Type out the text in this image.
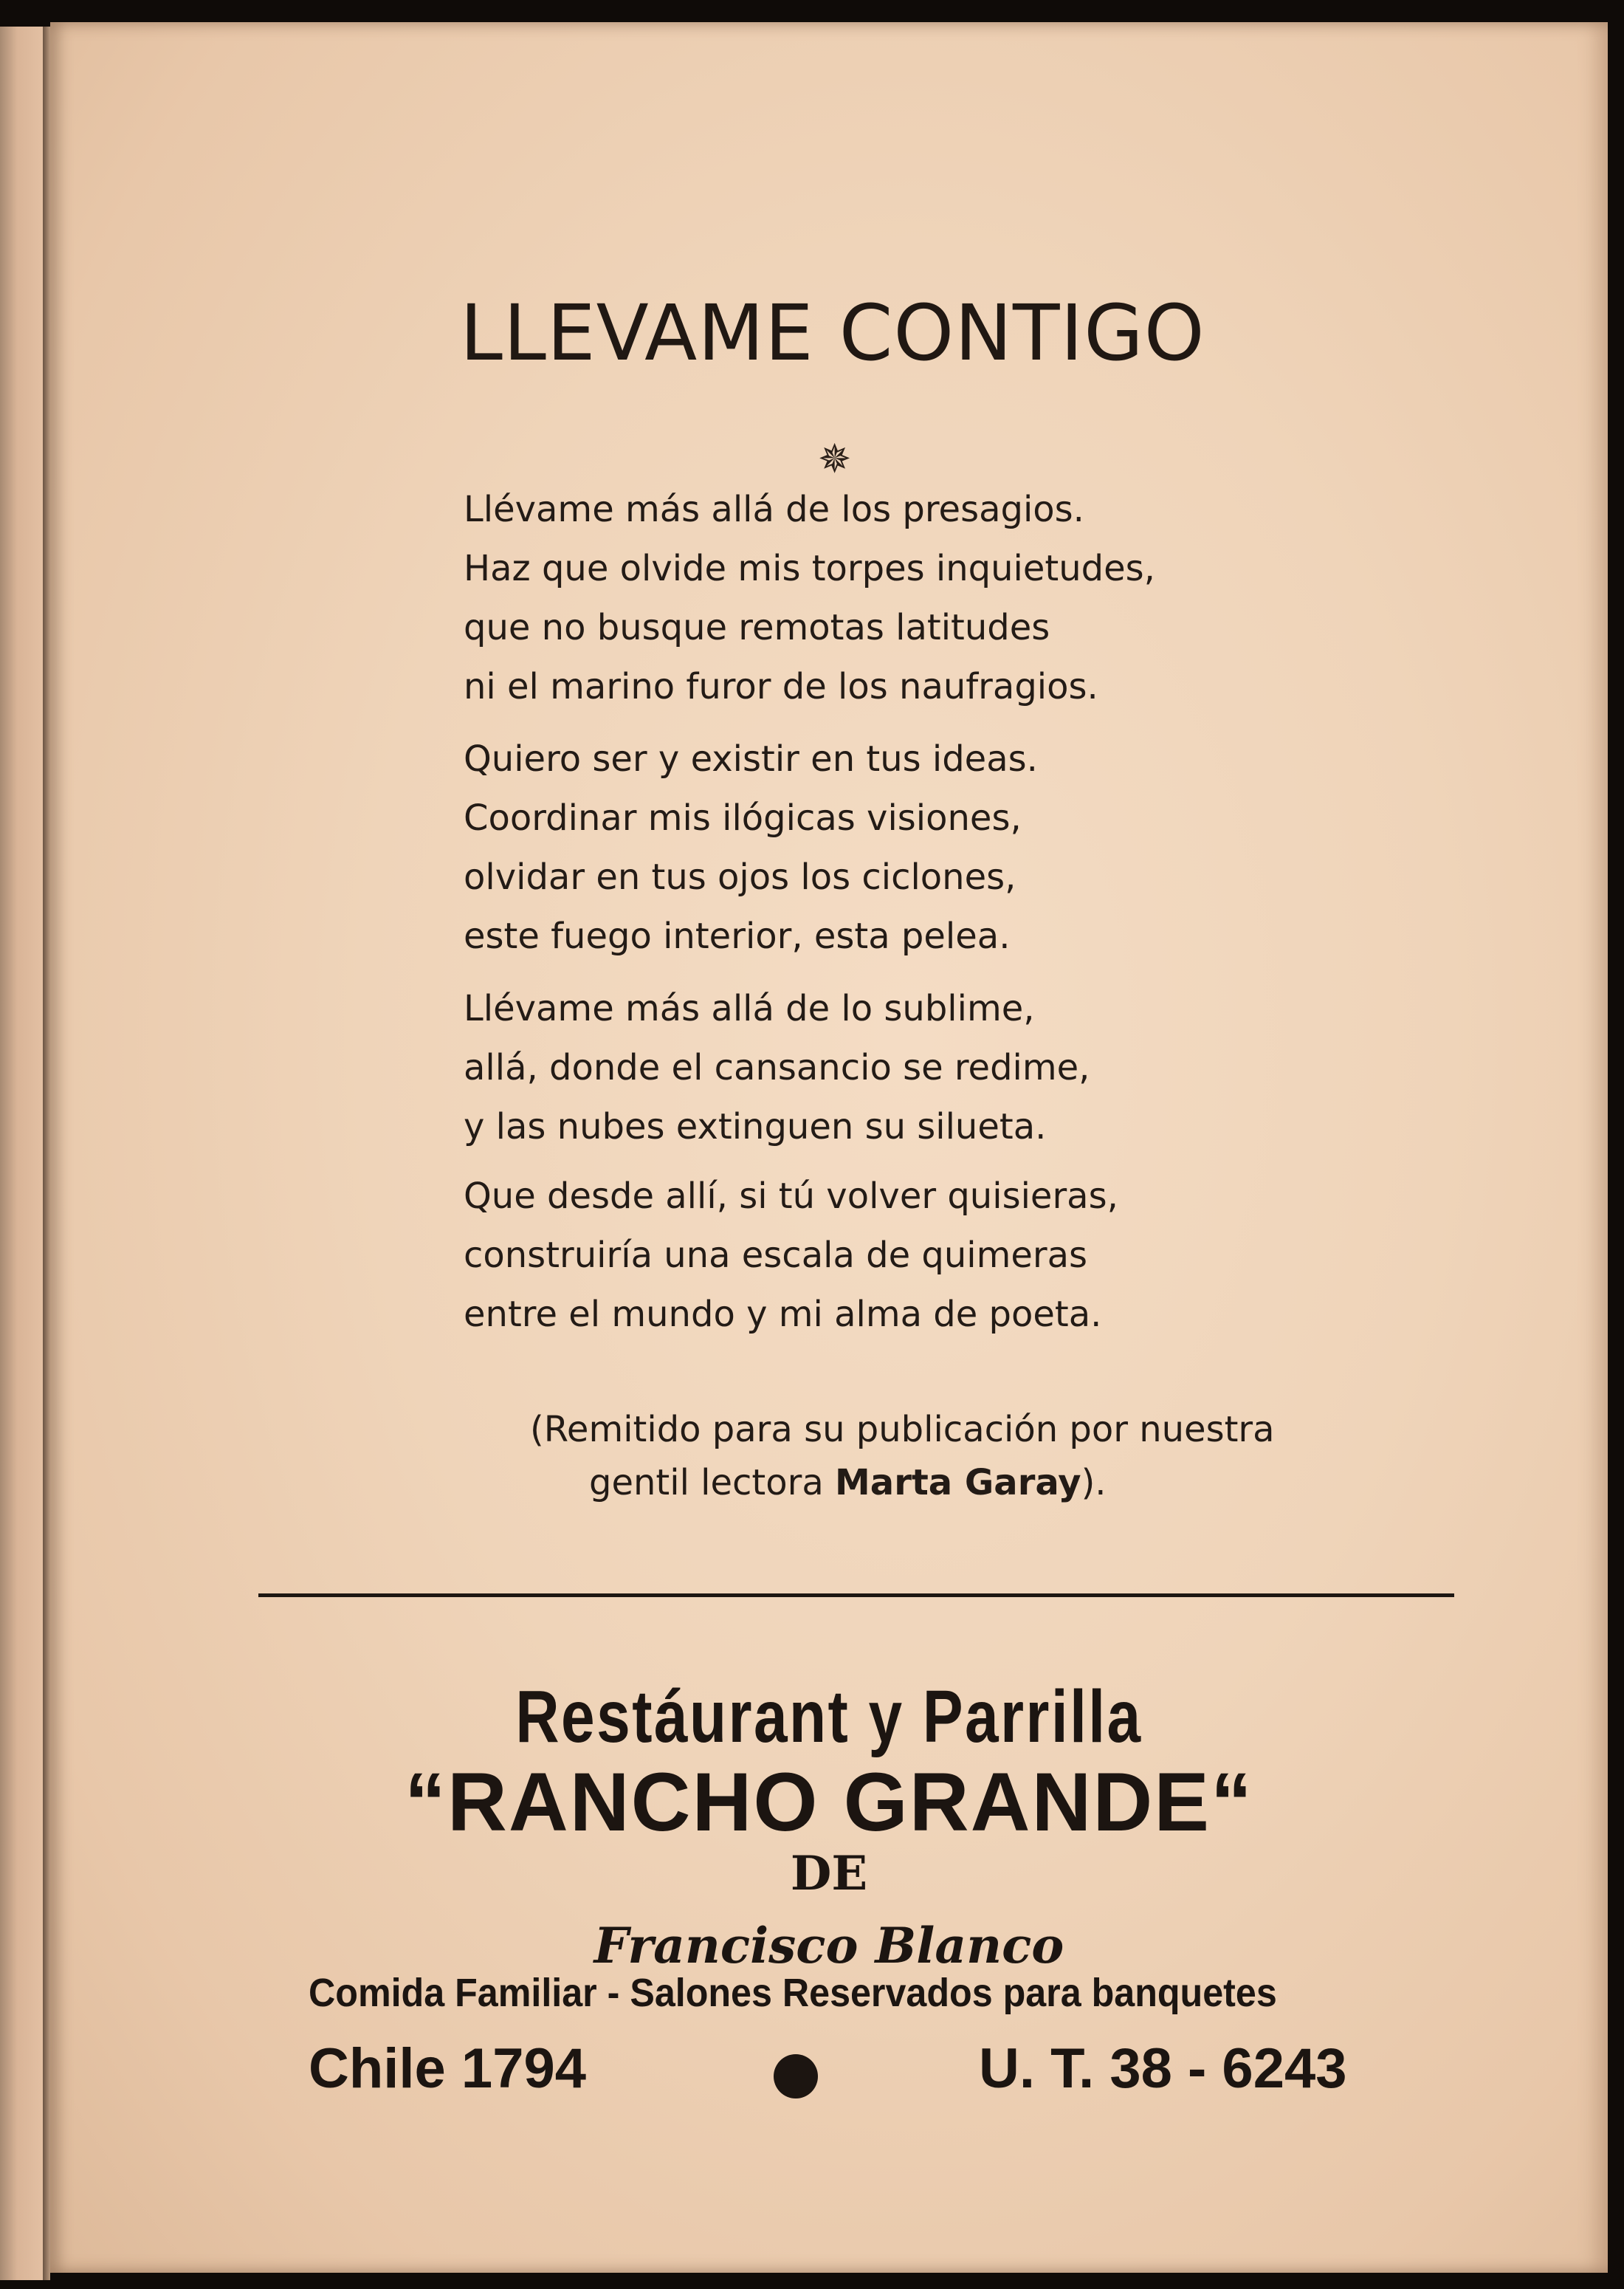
LLEVAME CONTIGO
✵
Llévame más allá de los presagios.
Haz que olvide mis torpes inquietudes,
que no busque remotas latitudes
ni el marino furor de los naufragios.
Quiero ser y existir en tus ideas.
Coordinar mis ilógicas visiones,
olvidar en tus ojos los ciclones,
este fuego interior, esta pelea.
Llévame más allá de lo sublime,
allá, donde el cansancio se redime,
y las nubes extinguen su silueta.
Que desde allí, si tú volver quisieras,
construiría una escala de quimeras
entre el mundo y mi alma de poeta.
(Remitido para su publicación por nuestra
gentil lectora Marta Garay).
Restáurant y Parrilla
“RANCHO GRANDE“
DE
Francisco Blanco
Comida Familiar - Salones Reservados para banquetes
Chile 1794	U. T. 38 - 6243
